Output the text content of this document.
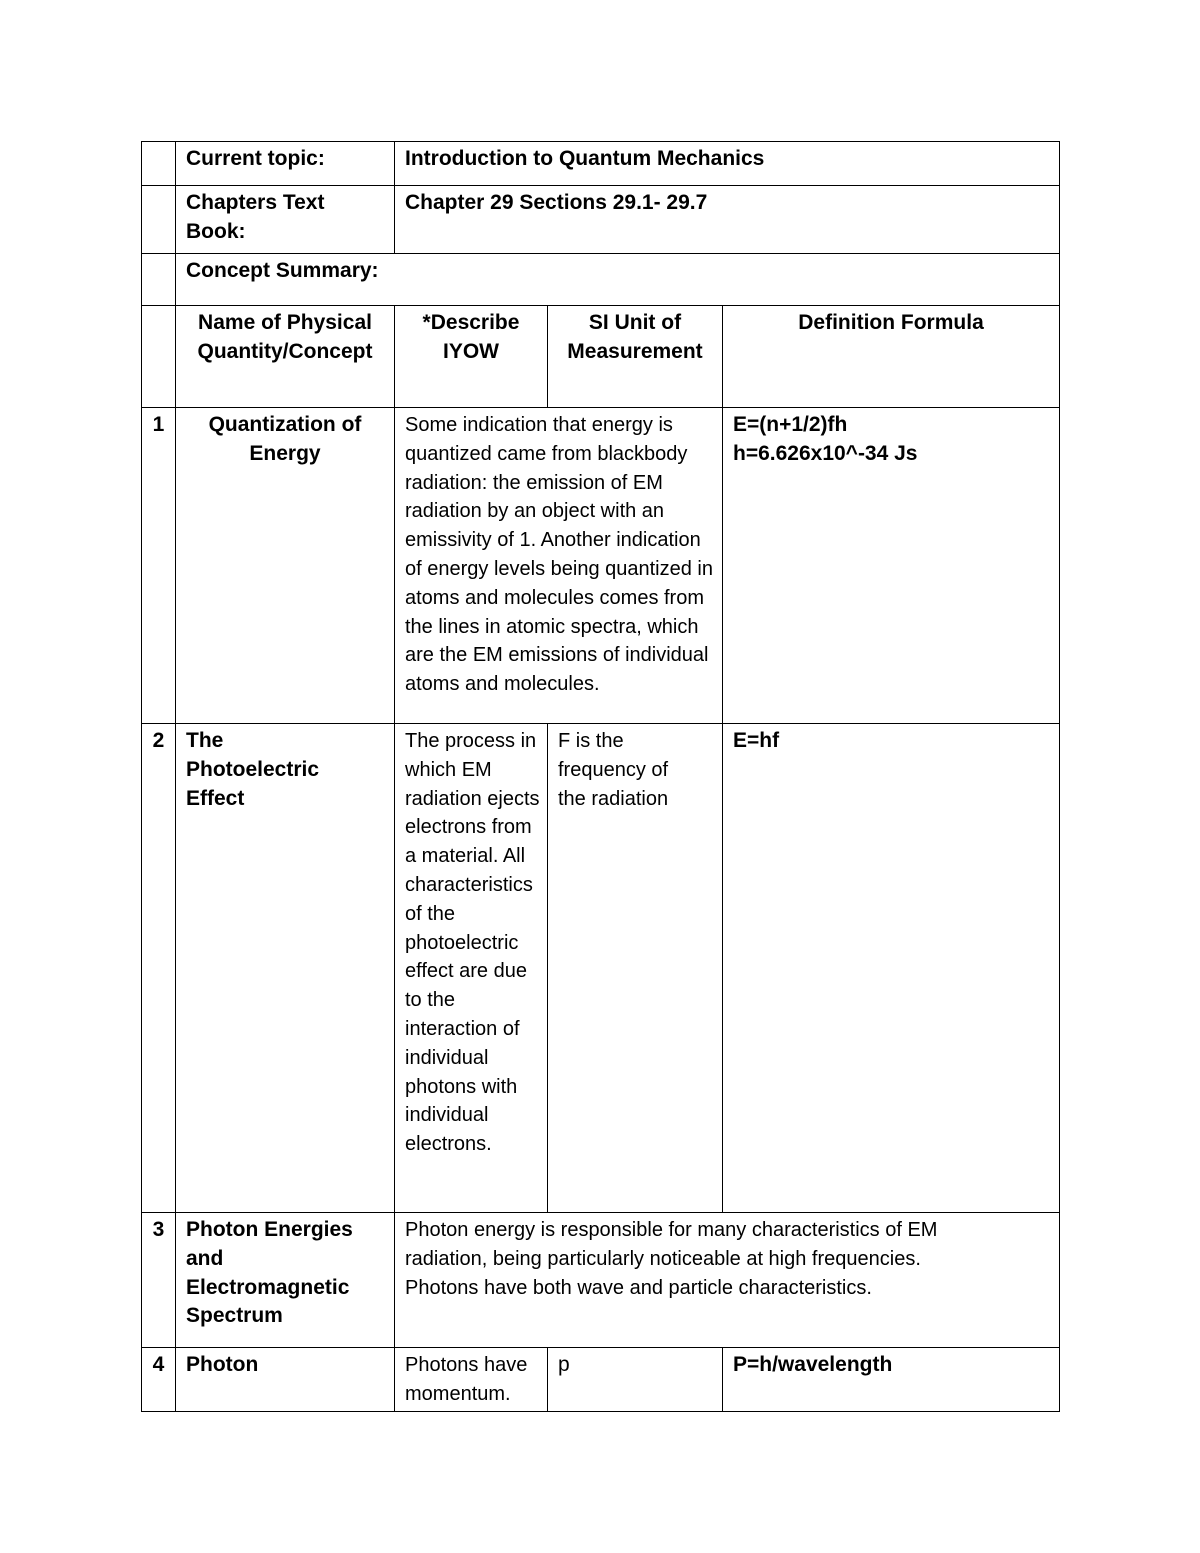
	Current topic:	Introduction to Quantum Mechanics		
	Chapters Text Book:	Chapter 29 Sections 29.1- 29.7		
	Concept Summary:			
	Name of Physical Quantity/Concept	*Describe IYOW	SI Unit of Measurement	Definition Formula
1	Quantization of Energy	Some indication that energy is quantized came from blackbody radiation: the emission of EM radiation by an object with an emissivity of 1. Another indication of energy levels being quantized in atoms and molecules comes from the lines in atomic spectra, which are the EM emissions of individual atoms and molecules.		E=(n+1/2)fh
h=6.626x10^-34 Js

2	The Photoelectric Effect	The process in which EM radiation ejects electrons from a material. All characteristics of the photoelectric effect are due to the interaction of individual photons with individual electrons.	F is the frequency of the radiation	E=hf
3	Photon Energies and Electromagnetic Spectrum	Photon energy is responsible for many characteristics of EM radiation, being particularly noticeable at high frequencies. Photons have both wave and particle characteristics.		
4	Photon	Photons have momentum.	p	P=h/wavelength
